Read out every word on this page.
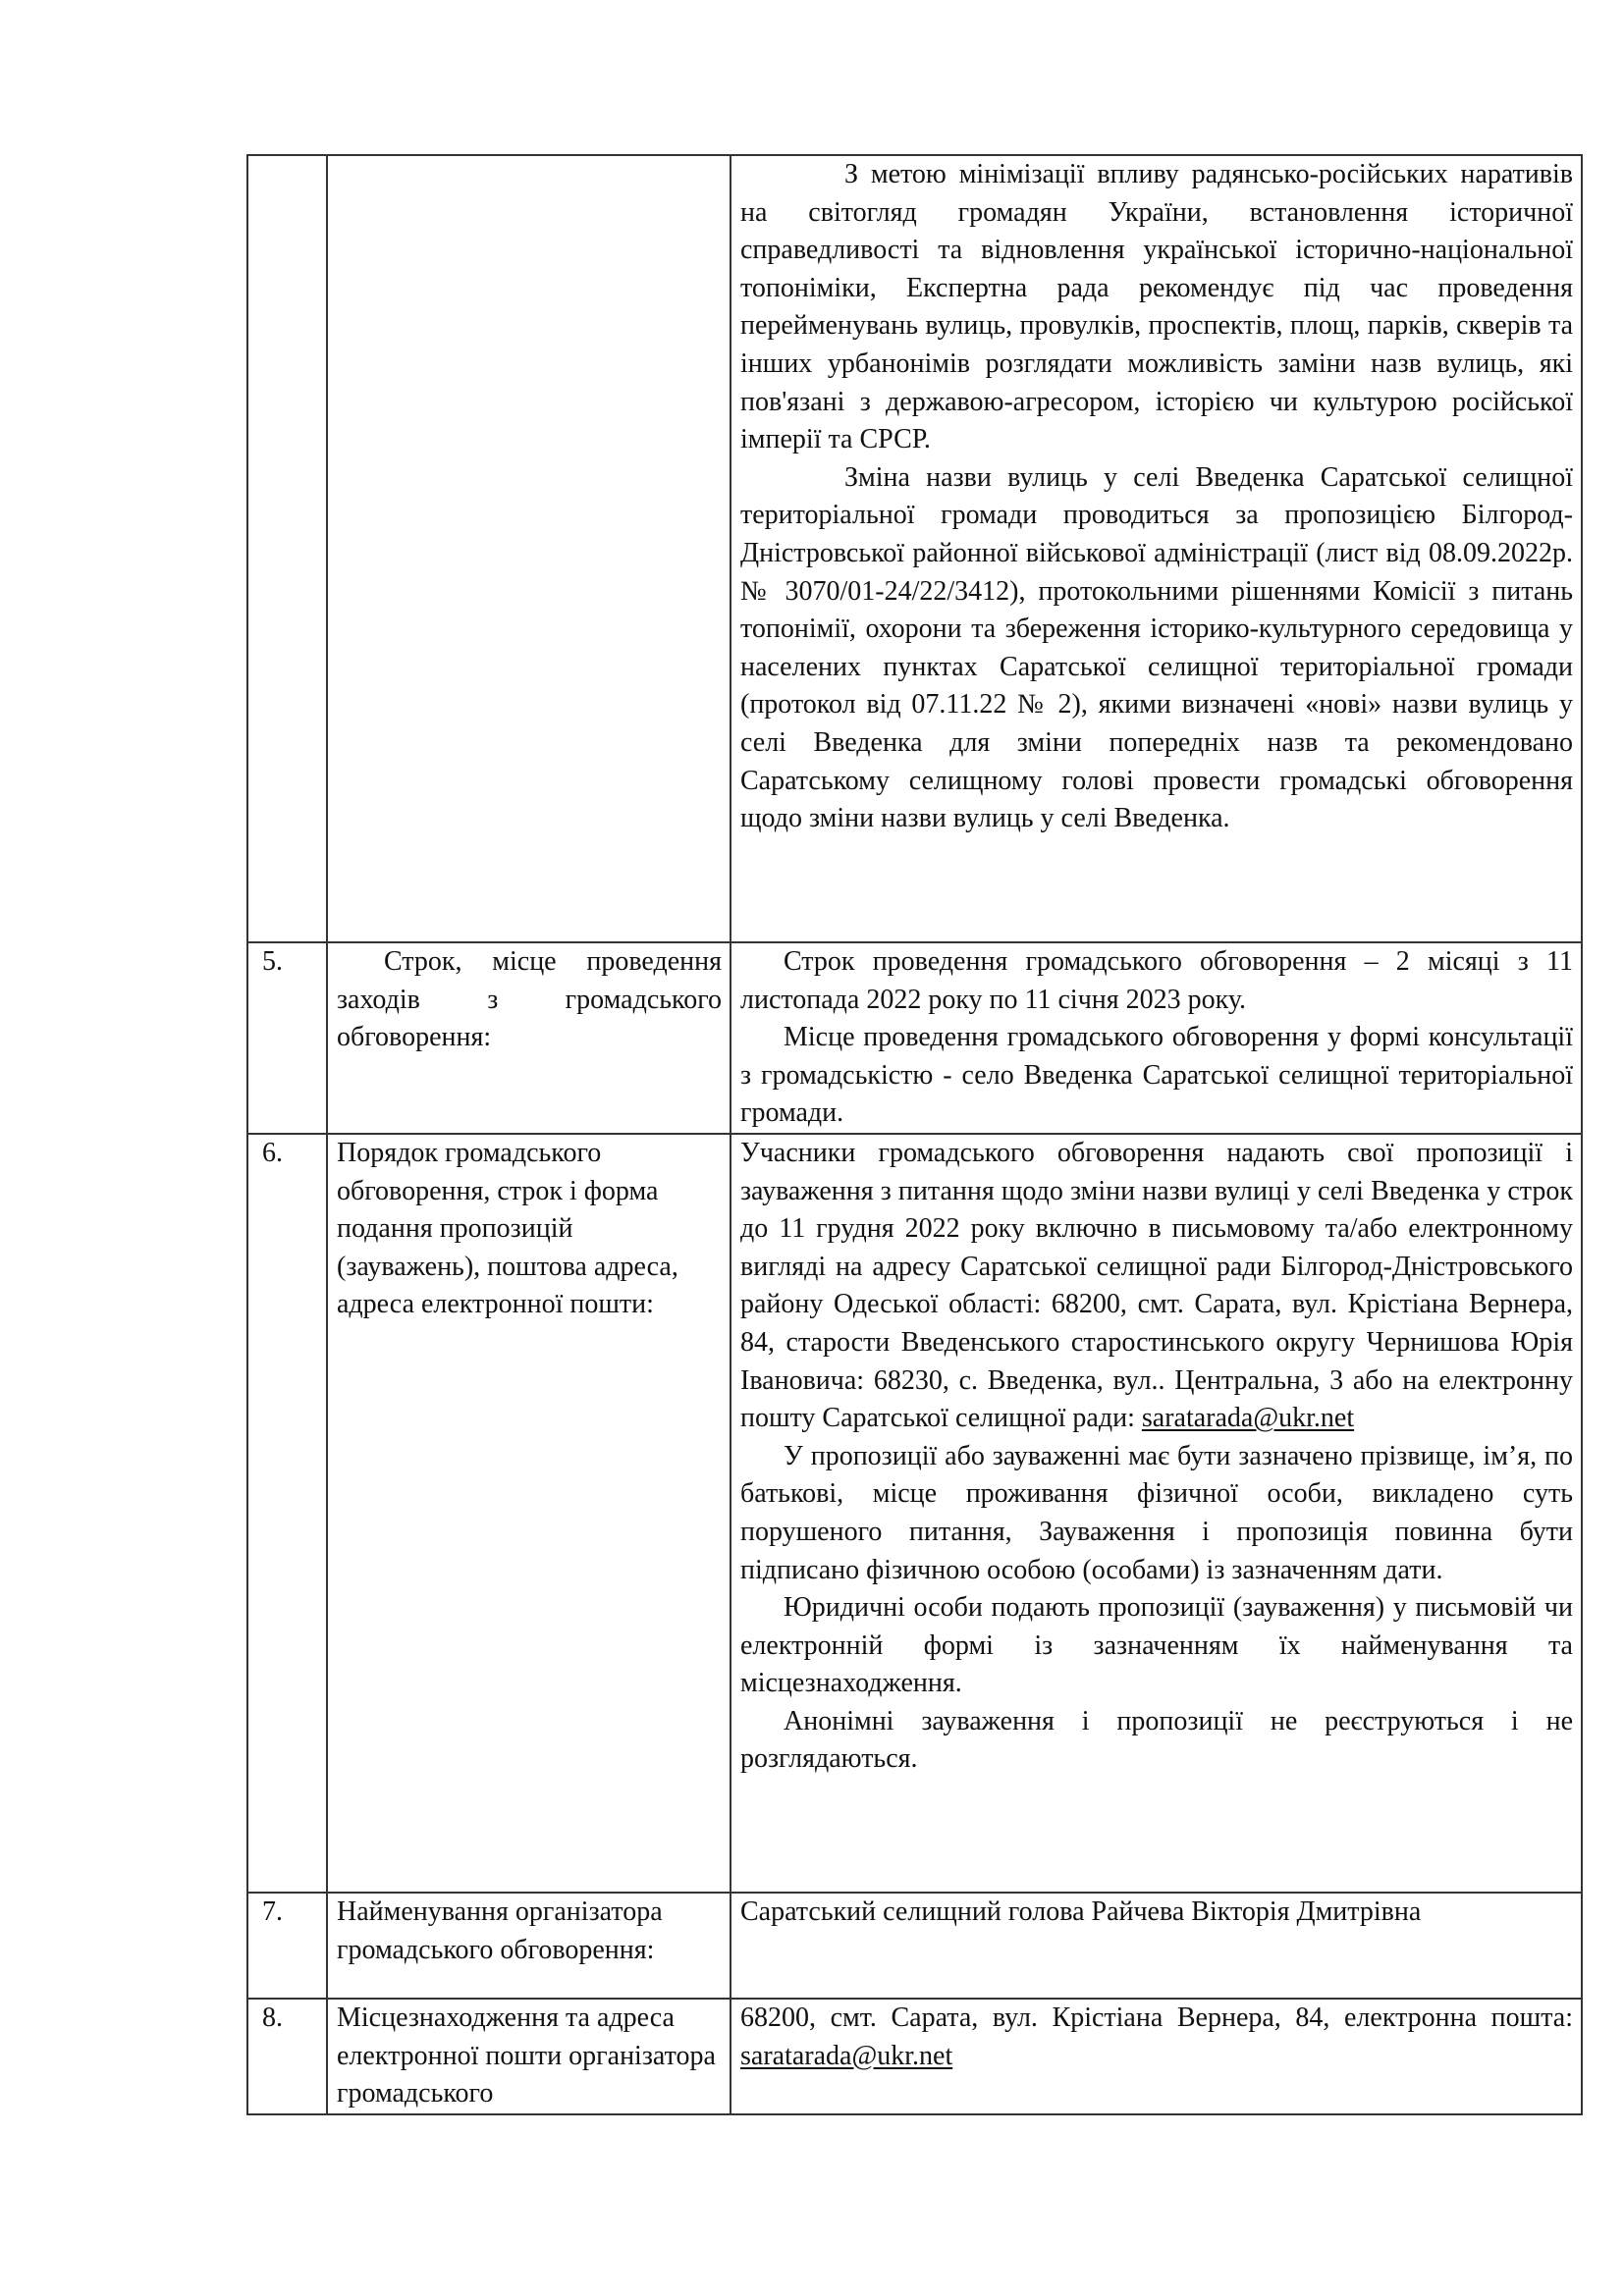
		З метою мінімізації впливу радянсько-російських наративів на світогляд громадян України, встановлення історичної справедливості та відновлення української історично-національної топоніміки, Експертна рада рекомендує під час проведення перейменувань вулиць, провулків, проспектів, площ, парків, скверів та інших урбанонімів розглядати можливість заміни назв вулиць, які пов'язані з державою-агресором, історією чи культурою російської імперії та СРСР.

Зміна назви вулиць у селі Введенка Саратської селищної територіальної громади проводиться за пропозицією Білгород-Дністровської районної військової адміністрації (лист від 08.09.2022р. № 3070/01-24/22/3412), протокольними рішеннями Комісії з питань топонімії, охорони та збереження історико-культурного середовища у населених пунктах Саратської селищної територіальної громади (протокол від 07.11.22 № 2), якими визначені «нові» назви вулиць у селі Введенка для зміни попередніх назв та рекомендовано Саратському селищному голові провести громадські обговорення щодо зміни назви вулиць у селі Введенка.

5.	Строк, місце проведення заходів з громадського обговорення:	Строк проведення громадського обговорення – 2 місяці з 11 листопада 2022 року по 11 січня 2023 року.

Місце проведення громадського обговорення у формі консультації з громадськістю - село Введенка Саратської селищної територіальної громади.

6.	Порядок громадського обговорення, строк і форма подання пропозицій (зауважень), поштова адреса, адреса електронної пошти:	Учасники громадського обговорення надають свої пропозиції і зауваження з питання щодо зміни назви вулиці у селі Введенка у строк до 11 грудня 2022 року включно в письмовому та/або електронному вигляді на адресу Саратської селищної ради Білгород-Дністровського району Одеської області: 68200, смт. Сарата, вул. Крістіана Вернера, 84, старости Введенського старостинського округу Чернишова Юрія Івановича: 68230, с. Введенка, вул.. Центральна, 3 або на електронну пошту Саратської селищної ради: saratarada@ukr.net

У пропозиції або зауваженні має бути зазначено прізвище, ім’я, по батькові, місце проживання фізичної особи, викладено суть порушеного питання, Зауваження і пропозиція повинна бути підписано фізичною особою (особами) із зазначенням дати.

Юридичні особи подають пропозиції (зауваження) у письмовій чи електронній формі із зазначенням їх найменування та місцезнаходження.

Анонімні зауваження і пропозиції не реєструються і не розглядаються.

7.	Найменування організатора громадського обговорення:	Саратський селищний голова Райчева Вікторія Дмитрівна

8.	Місцезнаходження та адреса електронної пошти організатора громадського	68200, смт. Сарата, вул. Крістіана Вернера, 84, електронна пошта: saratarada@ukr.net
